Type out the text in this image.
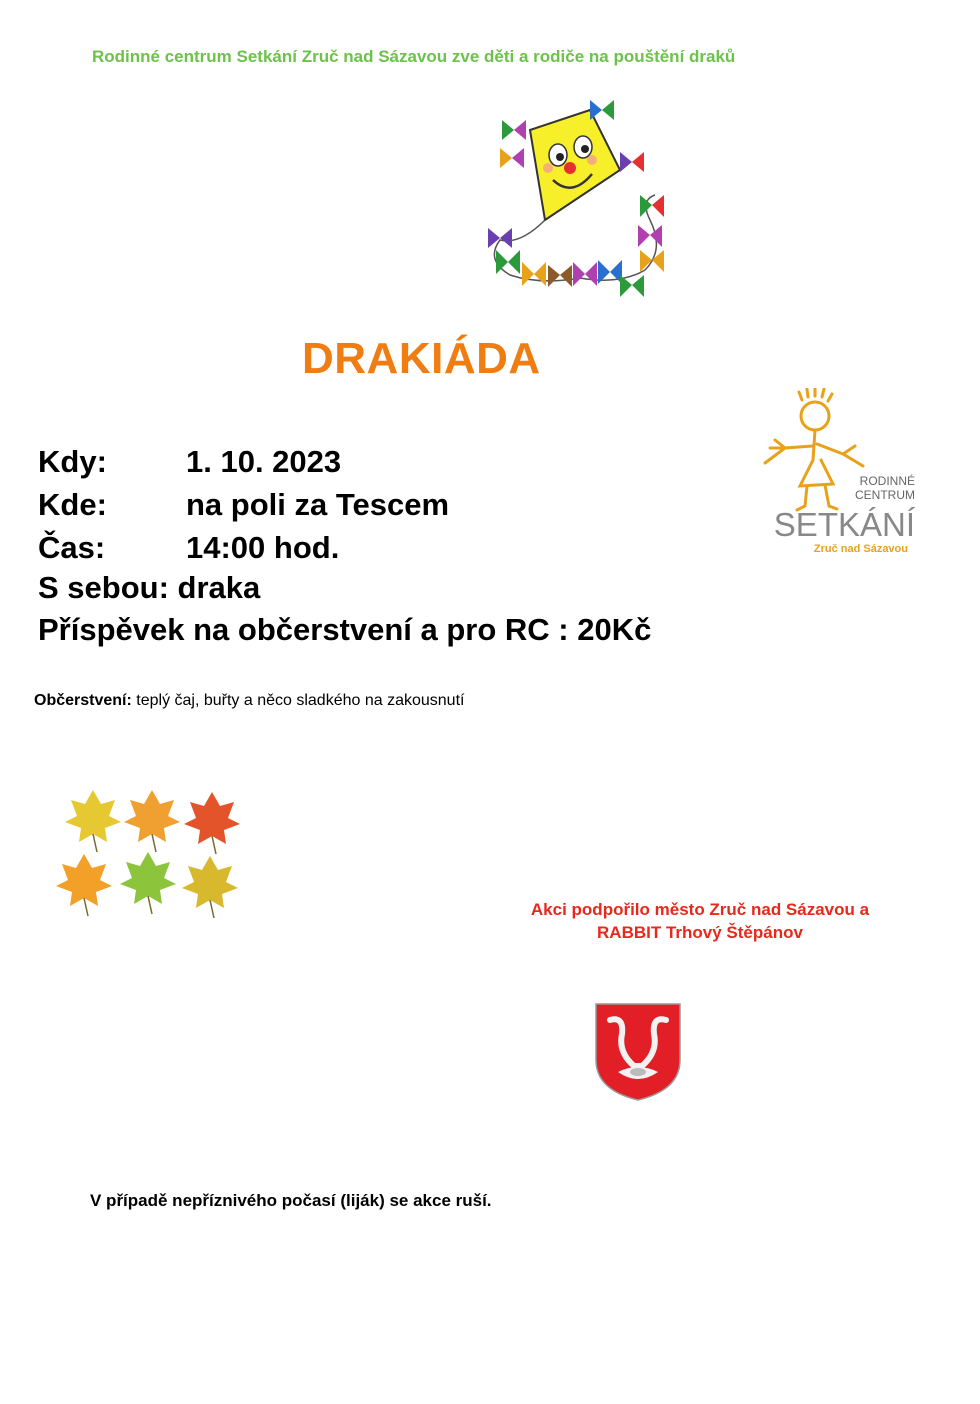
Rodinné centrum Setkání Zruč nad Sázavou zve děti a rodiče na pouštění draků
DRAKIÁDA
RODINNÉ
CENTRUM
SETKÁNÍ
Zruč nad Sázavou
Kdy:	1. 10. 2023
Kde:	na poli za Tescem
Čas:	14:00 hod.
S sebou: draka
Příspěvek na občerstvení a pro RC : 20Kč
Občerstvení: teplý čaj, buřty a něco sladkého na zakousnutí
Akci podpořilo město Zruč nad Sázavou a
RABBIT Trhový Štěpánov
V případě nepříznivého počasí (liják) se akce ruší.
